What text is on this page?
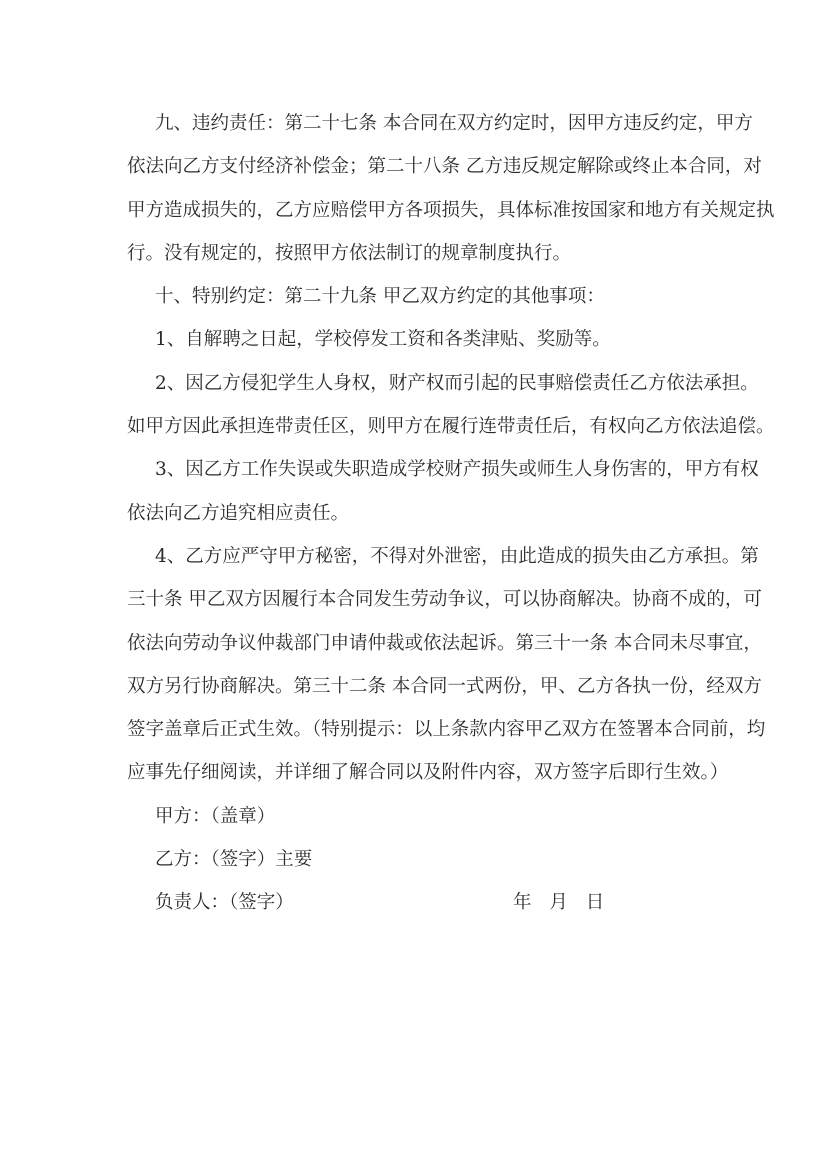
九、违约责任：第二十七条 本合同在双方约定时，因甲方违反约定，甲方
依法向乙方支付经济补偿金；第二十八条 乙方违反规定解除或终止本合同，对
甲方造成损失的，乙方应赔偿甲方各项损失，具体标准按国家和地方有关规定执
行。没有规定的，按照甲方依法制订的规章制度执行。
十、特别约定：第二十九条 甲乙双方约定的其他事项：
1、自解聘之日起，学校停发工资和各类津贴、奖励等。
2、因乙方侵犯学生人身权，财产权而引起的民事赔偿责任乙方依法承担。
如甲方因此承担连带责任区，则甲方在履行连带责任后，有权向乙方依法追偿。
3、因乙方工作失误或失职造成学校财产损失或师生人身伤害的，甲方有权
依法向乙方追究相应责任。
4、乙方应严守甲方秘密，不得对外泄密，由此造成的损失由乙方承担。第
三十条 甲乙双方因履行本合同发生劳动争议，可以协商解决。协商不成的，可
依法向劳动争议仲裁部门申请仲裁或依法起诉。第三十一条 本合同未尽事宜，
双方另行协商解决。第三十二条 本合同一式两份，甲、乙方各执一份，经双方
签字盖章后正式生效。（特别提示：以上条款内容甲乙双方在签署本合同前，均
应事先仔细阅读，并详细了解合同以及附件内容，双方签字后即行生效。）
甲方：（盖章）
乙方：（签字）主要
负责人：（签字）	年 月 日
